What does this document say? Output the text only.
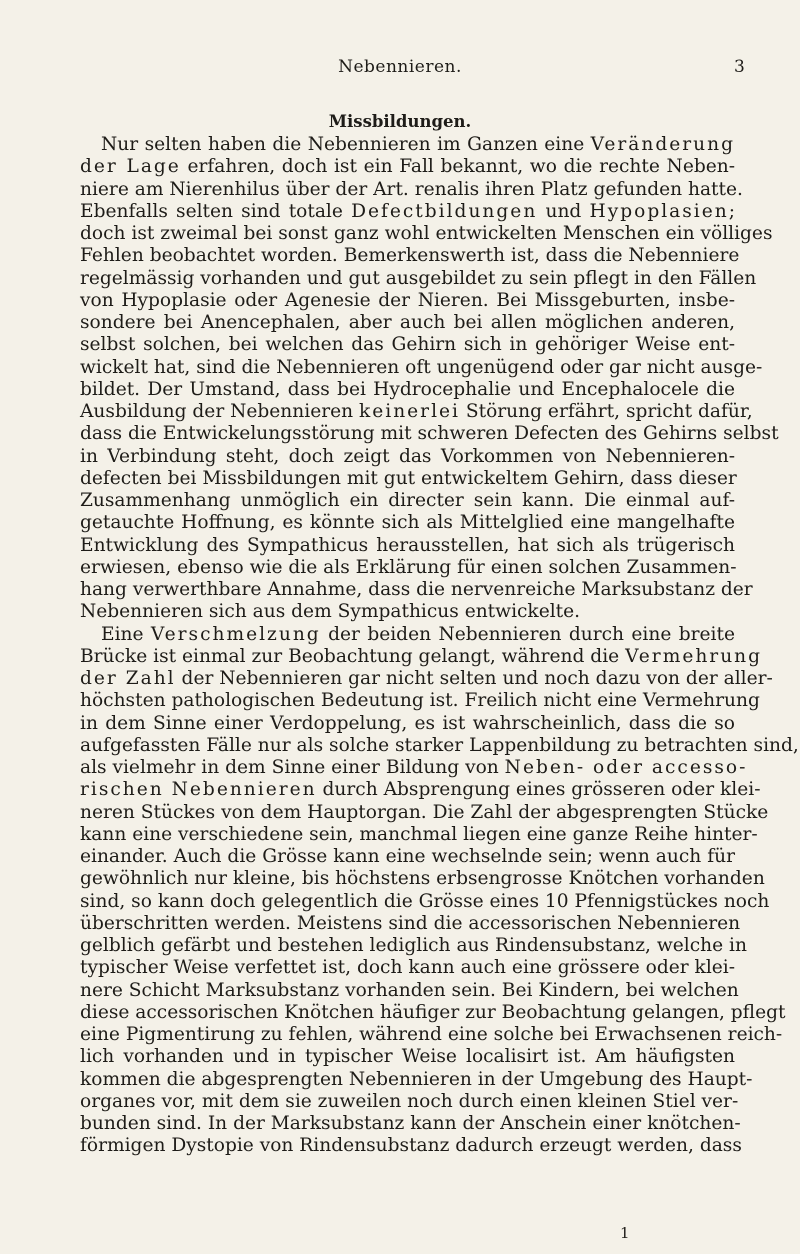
Nebennieren.	3
Missbildungen.
Nur selten haben die Nebennieren im Ganzen eine Veränderung
der Lage erfahren, doch ist ein Fall bekannt, wo die rechte Neben-
niere am Nierenhilus über der Art. renalis ihren Platz gefunden hatte.
Ebenfalls selten sind totale Defectbildungen und Hypoplasien;
doch ist zweimal bei sonst ganz wohl entwickelten Menschen ein völliges
Fehlen beobachtet worden. Bemerkenswerth ist, dass die Nebenniere
regelmässig vorhanden und gut ausgebildet zu sein pflegt in den Fällen
von Hypoplasie oder Agenesie der Nieren. Bei Missgeburten, insbe-
sondere bei Anencephalen, aber auch bei allen möglichen anderen,
selbst solchen, bei welchen das Gehirn sich in gehöriger Weise ent-
wickelt hat, sind die Nebennieren oft ungenügend oder gar nicht ausge-
bildet. Der Umstand, dass bei Hydrocephalie und Encephalocele die
Ausbildung der Nebennieren keinerlei Störung erfährt, spricht dafür,
dass die Entwickelungsstörung mit schweren Defecten des Gehirns selbst
in Verbindung steht, doch zeigt das Vorkommen von Nebennieren-
defecten bei Missbildungen mit gut entwickeltem Gehirn, dass dieser
Zusammenhang unmöglich ein directer sein kann. Die einmal auf-
getauchte Hoffnung, es könnte sich als Mittelglied eine mangelhafte
Entwicklung des Sympathicus herausstellen, hat sich als trügerisch
erwiesen, ebenso wie die als Erklärung für einen solchen Zusammen-
hang verwerthbare Annahme, dass die nervenreiche Marksubstanz der
Nebennieren sich aus dem Sympathicus entwickelte.
Eine Verschmelzung der beiden Nebennieren durch eine breite
Brücke ist einmal zur Beobachtung gelangt, während die Vermehrung
der Zahl der Nebennieren gar nicht selten und noch dazu von der aller-
höchsten pathologischen Bedeutung ist. Freilich nicht eine Vermehrung
in dem Sinne einer Verdoppelung, es ist wahrscheinlich, dass die so
aufgefassten Fälle nur als solche starker Lappenbildung zu betrachten sind,
als vielmehr in dem Sinne einer Bildung von Neben- oder accesso-
rischen Nebennieren durch Absprengung eines grösseren oder klei-
neren Stückes von dem Hauptorgan. Die Zahl der abgesprengten Stücke
kann eine verschiedene sein, manchmal liegen eine ganze Reihe hinter-
einander. Auch die Grösse kann eine wechselnde sein; wenn auch für
gewöhnlich nur kleine, bis höchstens erbsengrosse Knötchen vorhanden
sind, so kann doch gelegentlich die Grösse eines 10 Pfennigstückes noch
überschritten werden. Meistens sind die accessorischen Nebennieren
gelblich gefärbt und bestehen lediglich aus Rindensubstanz, welche in
typischer Weise verfettet ist, doch kann auch eine grössere oder klei-
nere Schicht Marksubstanz vorhanden sein. Bei Kindern, bei welchen
diese accessorischen Knötchen häufiger zur Beobachtung gelangen, pflegt
eine Pigmentirung zu fehlen, während eine solche bei Erwachsenen reich-
lich vorhanden und in typischer Weise localisirt ist. Am häufigsten
kommen die abgesprengten Nebennieren in der Umgebung des Haupt-
organes vor, mit dem sie zuweilen noch durch einen kleinen Stiel ver-
bunden sind. In der Marksubstanz kann der Anschein einer knötchen-
förmigen Dystopie von Rindensubstanz dadurch erzeugt werden, dass
1
